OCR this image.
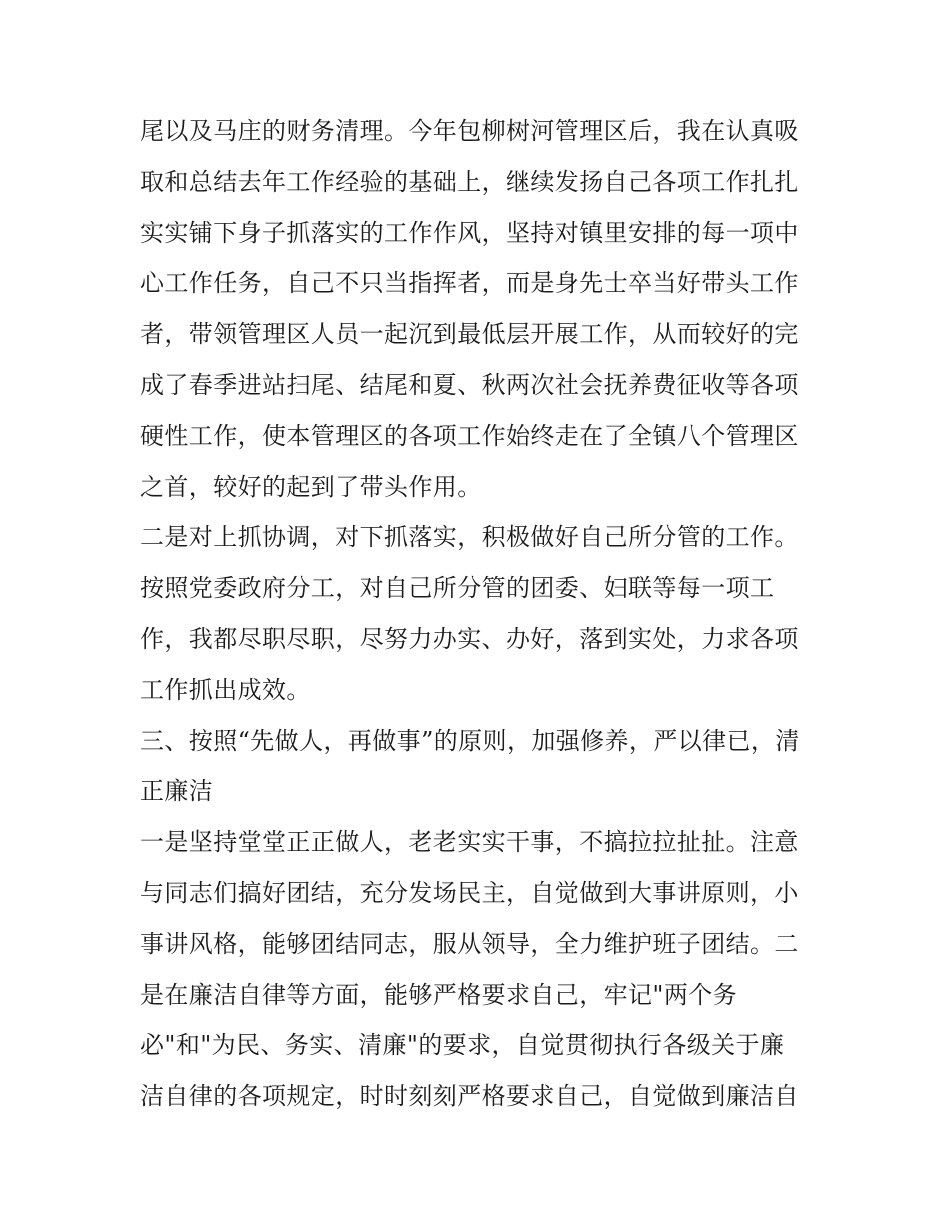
尾以及马庄的财务清理。今年包柳树河管理区后，我在认真吸
取和总结去年工作经验的基础上，继续发扬自己各项工作扎扎
实实铺下身子抓落实的工作作风，坚持对镇里安排的每一项中
心工作任务，自己不只当指挥者，而是身先士卒当好带头工作
者，带领管理区人员一起沉到最低层开展工作，从而较好的完
成了春季进站扫尾、结尾和夏、秋两次社会抚养费征收等各项
硬性工作，使本管理区的各项工作始终走在了全镇八个管理区
之首，较好的起到了带头作用。
二是对上抓协调，对下抓落实，积极做好自己所分管的工作。
按照党委政府分工，对自己所分管的团委、妇联等每一项工
作，我都尽职尽职，尽努力办实、办好，落到实处，力求各项
工作抓出成效。
三、按照“先做人，再做事”的原则，加强修养，严以律已，清
正廉洁
一是坚持堂堂正正做人，老老实实干事，不搞拉拉扯扯。注意
与同志们搞好团结，充分发场民主，自觉做到大事讲原则，小
事讲风格，能够团结同志，服从领导，全力维护班子团结。二
是在廉洁自律等方面，能够严格要求自己，牢记"两个务
必"和"为民、务实、清廉"的要求，自觉贯彻执行各级关于廉
洁自律的各项规定，时时刻刻严格要求自己，自觉做到廉洁自
